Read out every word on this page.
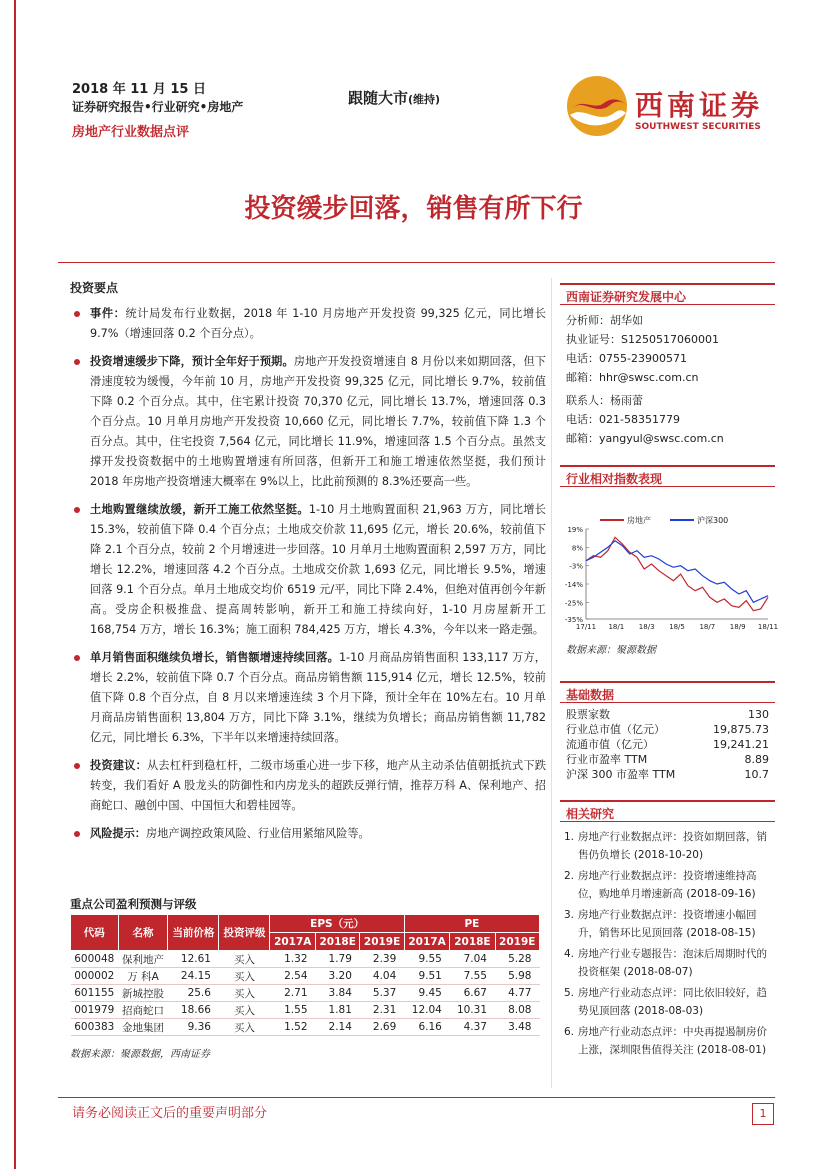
2018 年 11 月 15 日
证券研究报告•行业研究•房地产
房地产行业数据点评
跟随大市(维持)	西南证券
SOUTHWEST SECURITIES
投资缓步回落，销售有所下行
投资要点
事件：统计局发布行业数据，2018 年 1-10 月房地产开发投资 99,325 亿元，同比增长 9.7%（增速回落 0.2 个百分点）。
投资增速缓步下降，预计全年好于预期。房地产开发投资增速自 8 月份以来如期回落，但下滑速度较为缓慢，今年前 10 月，房地产开发投资 99,325 亿元，同比增长 9.7%，较前值下降 0.2 个百分点。其中，住宅累计投资 70,370 亿元，同比增长 13.7%，增速回落 0.3 个百分点。10 月单月房地产开发投资 10,660 亿元，同比增长 7.7%，较前值下降 1.3 个百分点。其中，住宅投资 7,564 亿元，同比增长 11.9%，增速回落 1.5 个百分点。虽然支撑开发投资数据中的土地购置增速有所回落，但新开工和施工增速依然坚挺，我们预计 2018 年房地产投资增速大概率在 9%以上，比此前预测的 8.3%还要高一些。
土地购置继续放缓，新开工施工依然坚挺。1-10 月土地购置面积 21,963 万方，同比增长 15.3%，较前值下降 0.4 个百分点；土地成交价款 11,695 亿元，增长 20.6%，较前值下降 2.1 个百分点，较前 2 个月增速进一步回落。10 月单月土地购置面积 2,597 万方，同比增长 12.2%，增速回落 4.2 个百分点。土地成交价款 1,693 亿元，同比增长 9.5%，增速回落 9.1 个百分点。单月土地成交均价 6519 元/平，同比下降 2.4%，但绝对值再创今年新高。受房企积极推盘、提高周转影响，新开工和施工持续向好，1-10 月房屋新开工 168,754 万方，增长 16.3%；施工面积 784,425 万方，增长 4.3%，今年以来一路走强。
单月销售面积继续负增长，销售额增速持续回落。1-10 月商品房销售面积 133,117 万方，增长 2.2%，较前值下降 0.7 个百分点。商品房销售额 115,914 亿元，增长 12.5%，较前值下降 0.8 个百分点，自 8 月以来增速连续 3 个月下降，预计全年在 10%左右。10 月单月商品房销售面积 13,804 万方，同比下降 3.1%，继续为负增长；商品房销售额 11,782 亿元，同比增长 6.3%，下半年以来增速持续回落。
投资建议：从去杠杆到稳杠杆，二级市场重心进一步下移，地产从主动杀估值朝抵抗式下跌转变，我们看好 A 股龙头的防御性和内房龙头的超跌反弹行情，推荐万科 A、保利地产、招商蛇口、融创中国、中国恒大和碧桂园等。
风险提示：房地产调控政策风险、行业信用紧缩风险等。
重点公司盈利预测与评级
代码	名称	当前价格	投资评级	EPS（元）			PE		
				2017A	2018E	2019E	2017A	2018E	2019E
600048	保利地产	12.61	买入	1.32	1.79	2.39	9.55	7.04	5.28
000002	万 科A	24.15	买入	2.54	3.20	4.04	9.51	7.55	5.98
601155	新城控股	25.6	买入	2.71	3.84	5.37	9.45	6.67	4.77
001979	招商蛇口	18.66	买入	1.55	1.81	2.31	12.04	10.31	8.08
600383	金地集团	9.36	买入	1.52	2.14	2.69	6.16	4.37	3.48
数据来源：聚源数据，西南证券
西南证券研究发展中心
分析师：胡华如
执业证号：S1250517060001
电话：0755-23900571
邮箱：hhr@swsc.com.cn
联系人：杨雨蕾
电话：021-58351779
邮箱：yangyul@swsc.com.cn
行业相对指数表现
房地产	沪深300
19%
8%
-3%
-14%
-25%
-35%
17/11 18/1 18/3 18/5 18/7 18/9 18/11
数据来源：聚源数据
基础数据
股票家数	130
行业总市值（亿元）	19,875.73
流通市值（亿元）	19,241.21
行业市盈率 TTM	8.89
沪深 300 市盈率 TTM	10.7
相关研究
1. 房地产行业数据点评：投资如期回落，销售仍负增长 (2018-10-20)
2. 房地产行业数据点评：投资增速维持高位，购地单月增速新高 (2018-09-16)
3. 房地产行业数据点评：投资增速小幅回升，销售环比见顶回落 (2018-08-15)
4. 房地产行业专题报告：泡沫后周期时代的投资框架 (2018-08-07)
5. 房地产行业动态点评：同比依旧较好，趋势见顶回落 (2018-08-03)
6. 房地产行业动态点评：中央再提遏制房价上涨，深圳限售值得关注 (2018-08-01)
请务必阅读正文后的重要声明部分	1
